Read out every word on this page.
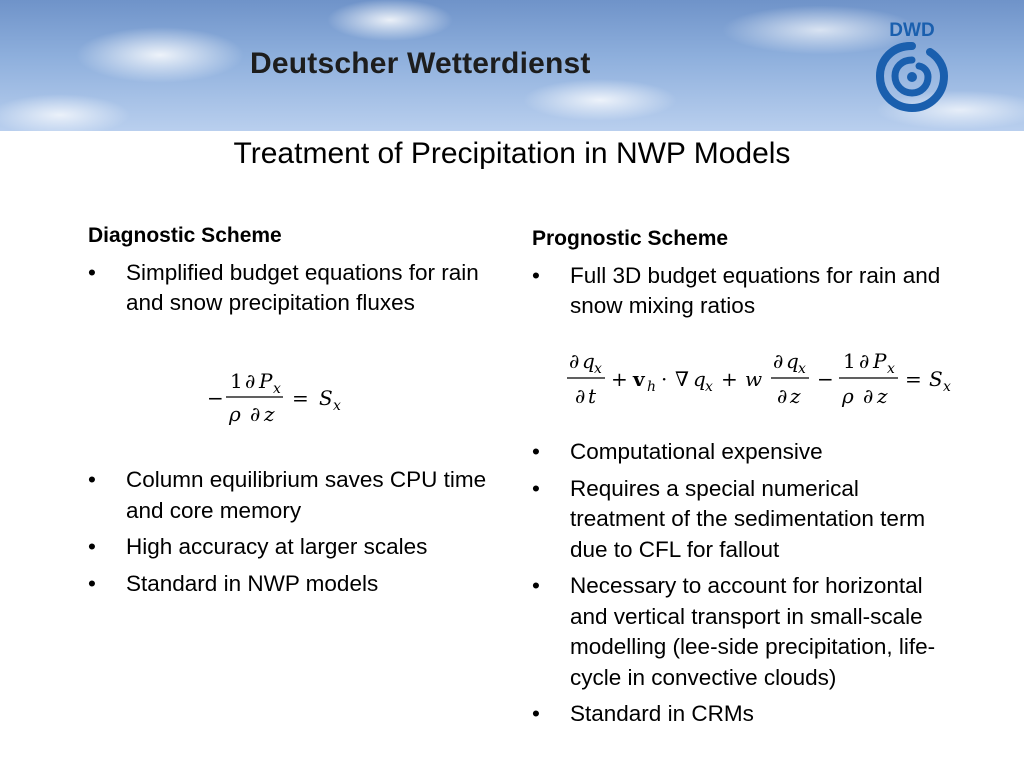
Deutscher Wetterdienst
DWD
Treatment of Precipitation in NWP Models
Diagnostic Scheme
• Simplified budget equations for rain and snow precipitation fluxes
−
1
ρ
∂ P x
∂ z
= S x
• Column equilibrium saves CPU time and core memory
• High accuracy at larger scales
• Standard in NWP models
Prognostic Scheme
• Full 3D budget equations for rain and snow mixing ratios
∂ q x
∂ t
+ v h · ∇ q x + w
∂ q x
∂ z
−
1
ρ
∂ P x
∂ z
= S x
• Computational expensive
• Requires a special numerical treatment of the sedimentation term due to CFL for fallout
• Necessary to account for horizontal and vertical transport in small-scale modelling (lee-side precipitation, life-cycle in convective clouds)
• Standard in CRMs
